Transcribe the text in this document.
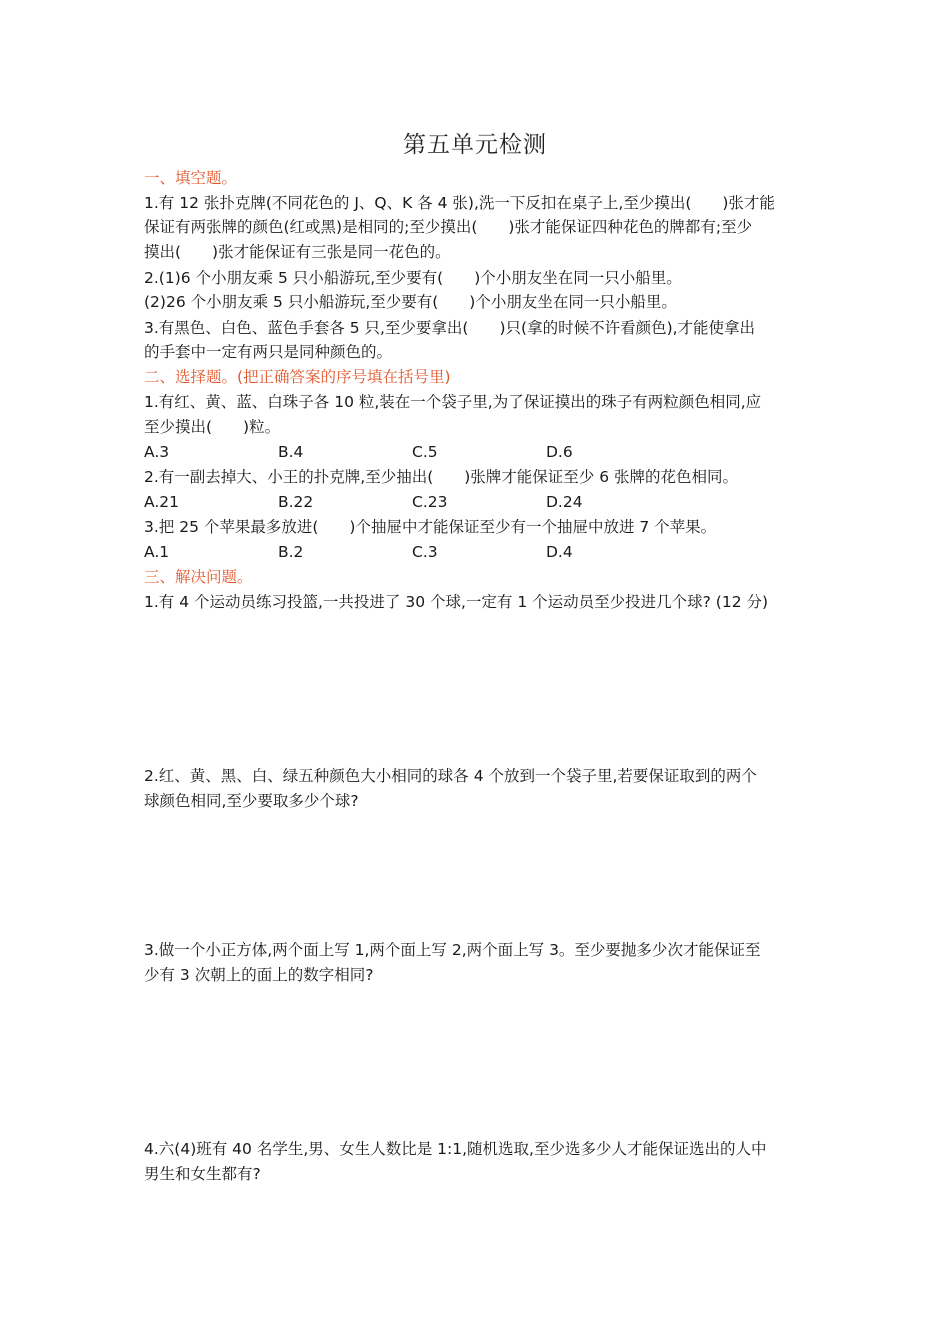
第五单元检测
一、填空题。
1.有 12 张扑克牌(不同花色的 J、Q、K 各 4 张),洗一下反扣在桌子上,至少摸出(　　)张才能
保证有两张牌的颜色(红或黑)是相同的;至少摸出(　　)张才能保证四种花色的牌都有;至少
摸出(　　)张才能保证有三张是同一花色的。
2.(1)6 个小朋友乘 5 只小船游玩,至少要有(　　)个小朋友坐在同一只小船里。
(2)26 个小朋友乘 5 只小船游玩,至少要有(　　)个小朋友坐在同一只小船里。
3.有黑色、白色、蓝色手套各 5 只,至少要拿出(　　)只(拿的时候不许看颜色),才能使拿出
的手套中一定有两只是同种颜色的。
二、选择题。(把正确答案的序号填在括号里)
1.有红、黄、蓝、白珠子各 10 粒,装在一个袋子里,为了保证摸出的珠子有两粒颜色相同,应
至少摸出(　　)粒。
A.3	B.4	C.5	D.6
2.有一副去掉大、小王的扑克牌,至少抽出(　　)张牌才能保证至少 6 张牌的花色相同。
A.21	B.22	C.23	D.24
3.把 25 个苹果最多放进(　　)个抽屉中才能保证至少有一个抽屉中放进 7 个苹果。
A.1	B.2	C.3	D.4
三、解决问题。
1.有 4 个运动员练习投篮,一共投进了 30 个球,一定有 1 个运动员至少投进几个球? (12 分)
2.红、黄、黑、白、绿五种颜色大小相同的球各 4 个放到一个袋子里,若要保证取到的两个
球颜色相同,至少要取多少个球?
3.做一个小正方体,两个面上写 1,两个面上写 2,两个面上写 3。至少要抛多少次才能保证至
少有 3 次朝上的面上的数字相同?
4.六(4)班有 40 名学生,男、女生人数比是 1:1,随机选取,至少选多少人才能保证选出的人中
男生和女生都有?
